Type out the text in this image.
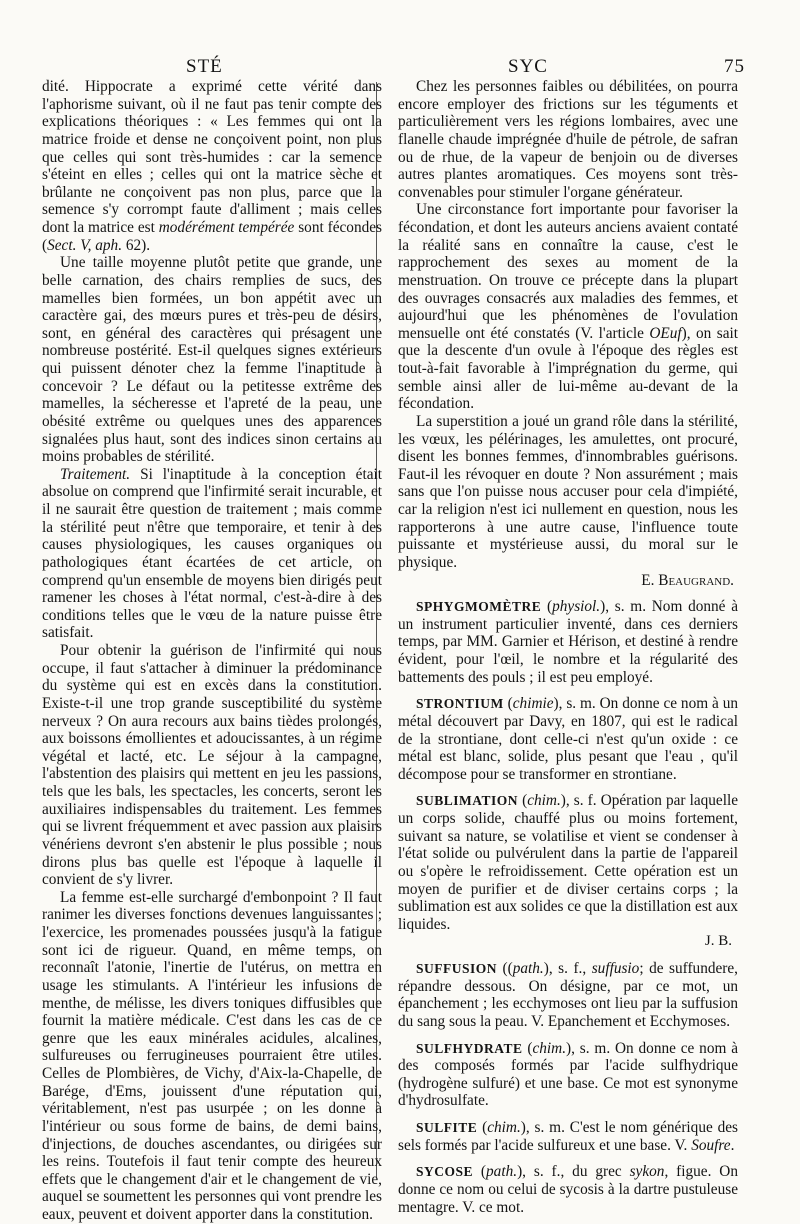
STÉ	SYC	75

dité. Hippocrate a exprimé cette vérité dans l'aphorisme suivant, où il ne faut pas tenir compte des explications théoriques : « Les femmes qui ont la matrice froide et dense ne conçoivent point, non plus que celles qui sont très-humides : car la semence s'éteint en elles ; celles qui ont la matrice sèche et brûlante ne conçoivent pas non plus, parce que la semence s'y corrompt faute d'alliment ; mais celles dont la matrice est modérément tempérée sont fécondes (Sect. V, aph. 62).

Une taille moyenne plutôt petite que grande, une belle carnation, des chairs remplies de sucs, des mamelles bien formées, un bon appétit avec un caractère gai, des mœurs pures et très-peu de désirs, sont, en général des caractères qui présagent une nombreuse postérité. Est-il quelques signes extérieurs qui puissent dénoter chez la femme l'inaptitude à concevoir ? Le défaut ou la petitesse extrême des mamelles, la sécheresse et l'apreté de la peau, une obésité extrême ou quelques unes des apparences signalées plus haut, sont des indices sinon certains au moins probables de stérilité.

Traitement. Si l'inaptitude à la conception était absolue on comprend que l'infirmité serait incurable, et il ne saurait être question de traitement ; mais comme la stérilité peut n'être que temporaire, et tenir à des causes physiologiques, les causes organiques ou pathologiques étant écartées de cet article, on comprend qu'un ensemble de moyens bien dirigés peut ramener les choses à l'état normal, c'est-à-dire à des conditions telles que le vœu de la nature puisse être satisfait.

Pour obtenir la guérison de l'infirmité qui nous occupe, il faut s'attacher à diminuer la prédominance du système qui est en excès dans la constitution. Existe-t-il une trop grande susceptibilité du système nerveux ? On aura recours aux bains tièdes prolongés, aux boissons émollientes et adoucissantes, à un régime végétal et lacté, etc. Le séjour à la campagne, l'abstention des plaisirs qui mettent en jeu les passions, tels que les bals, les spectacles, les concerts, seront les auxiliaires indispensables du traitement. Les femmes qui se livrent fréquemment et avec passion aux plaisirs vénériens devront s'en abstenir le plus possible ; nous dirons plus bas quelle est l'époque à laquelle il convient de s'y livrer.

La femme est-elle surchargé d'embonpoint ? Il faut ranimer les diverses fonctions devenues languissantes ; l'exercice, les promenades poussées jusqu'à la fatigue sont ici de rigueur. Quand, en même temps, on reconnaît l'atonie, l'inertie de l'utérus, on mettra en usage les stimulants. A l'intérieur les infusions de menthe, de mélisse, les divers toniques diffusibles que fournit la matière médicale. C'est dans les cas de ce genre que les eaux minérales acidules, alcalines, sulfureuses ou ferrugineuses pourraient être utiles. Celles de Plombières, de Vichy, d'Aix-la-Chapelle, de Barége, d'Ems, jouissent d'une réputation qui, véritablement, n'est pas usurpée ; on les donne à l'intérieur ou sous forme de bains, de demi bains, d'injections, de douches ascendantes, ou dirigées sur les reins. Toutefois il faut tenir compte des heureux effets que le changement d'air et le changement de vie, auquel se soumettent les personnes qui vont prendre les eaux, peuvent et doivent apporter dans la constitution.

Chez les personnes faibles ou débilitées, on pourra encore employer des frictions sur les téguments et particulièrement vers les régions lombaires, avec une flanelle chaude imprégnée d'huile de pétrole, de safran ou de rhue, de la vapeur de benjoin ou de diverses autres plantes aromatiques. Ces moyens sont très-convenables pour stimuler l'organe générateur.

Une circonstance fort importante pour favoriser la fécondation, et dont les auteurs anciens avaient contaté la réalité sans en connaître la cause, c'est le rapprochement des sexes au moment de la menstruation. On trouve ce précepte dans la plupart des ouvrages consacrés aux maladies des femmes, et aujourd'hui que les phénomènes de l'ovulation mensuelle ont été constatés (V. l'article OEuf), on sait que la descente d'un ovule à l'époque des règles est tout-à-fait favorable à l'imprégnation du germe, qui semble ainsi aller de lui-même au-devant de la fécondation.

La superstition a joué un grand rôle dans la stérilité, les vœux, les pélérinages, les amulettes, ont procuré, disent les bonnes femmes, d'innombrables guérisons. Faut-il les révoquer en doute ? Non assurément ; mais sans que l'on puisse nous accuser pour cela d'impiété, car la religion n'est ici nullement en question, nous les rapporterons à une autre cause, l'influence toute puissante et mystérieuse aussi, du moral sur le physique.

E. Beaugrand.

SPHYGMOMÈTRE (physiol.), s. m. Nom donné à un instrument particulier inventé, dans ces derniers temps, par MM. Garnier et Hérison, et destiné à rendre évident, pour l'œil, le nombre et la régularité des battements des pouls ; il est peu employé.

STRONTIUM (chimie), s. m. On donne ce nom à un métal découvert par Davy, en 1807, qui est le radical de la strontiane, dont celle-ci n'est qu'un oxide : ce métal est blanc, solide, plus pesant que l'eau , qu'il décompose pour se transformer en strontiane.

SUBLIMATION (chim.), s. f. Opération par laquelle un corps solide, chauffé plus ou moins fortement, suivant sa nature, se volatilise et vient se condenser à l'état solide ou pulvérulent dans la partie de l'appareil ou s'opère le refroidissement. Cette opération est un moyen de purifier et de diviser certains corps ; la sublimation est aux solides ce que la distillation est aux liquides.

J. B.

SUFFUSION ((path.), s. f., suffusio; de suffundere, répandre dessous. On désigne, par ce mot, un épanchement ; les ecchymoses ont lieu par la suffusion du sang sous la peau. V. Epanchement et Ecchymoses.

SULFHYDRATE (chim.), s. m. On donne ce nom à des composés formés par l'acide sulfhydrique (hydrogène sulfuré) et une base. Ce mot est synonyme d'hydrosulfate.

SULFITE (chim.), s. m. C'est le nom générique des sels formés par l'acide sulfureux et une base. V. Soufre.

SYCOSE (path.), s. f., du grec sykon, figue. On donne ce nom ou celui de sycosis à la dartre pustuleuse mentagre. V. ce mot.
